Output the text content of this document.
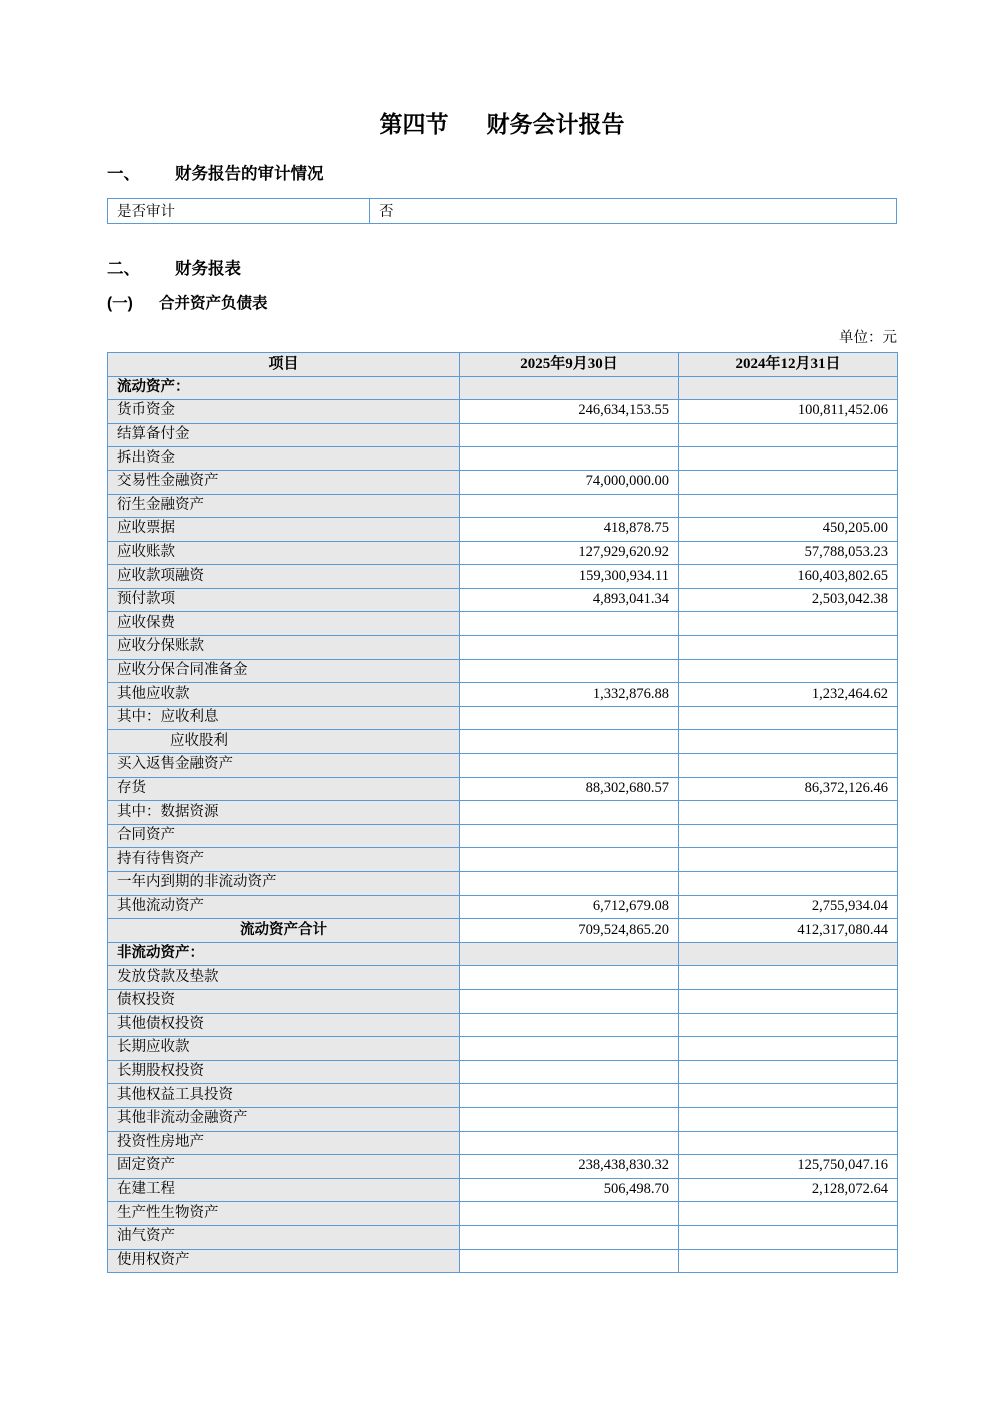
第四节 财务会计报告
一、	财务报告的审计情况
是否审计	否
二、	财务报表
(一)	合并资产负债表
单位：元
项目	2025年9月30日	2024年12月31日
流动资产：		
货币资金	246,634,153.55	100,811,452.06
结算备付金		
拆出资金		
交易性金融资产	74,000,000.00	
衍生金融资产		
应收票据	418,878.75	450,205.00
应收账款	127,929,620.92	57,788,053.23
应收款项融资	159,300,934.11	160,403,802.65
预付款项	4,893,041.34	2,503,042.38
应收保费		
应收分保账款		
应收分保合同准备金		
其他应收款	1,332,876.88	1,232,464.62
其中：应收利息		
应收股利		
买入返售金融资产		
存货	88,302,680.57	86,372,126.46
其中：数据资源		
合同资产		
持有待售资产		
一年内到期的非流动资产		
其他流动资产	6,712,679.08	2,755,934.04
流动资产合计	709,524,865.20	412,317,080.44
非流动资产：		
发放贷款及垫款		
债权投资		
其他债权投资		
长期应收款		
长期股权投资		
其他权益工具投资		
其他非流动金融资产		
投资性房地产		
固定资产	238,438,830.32	125,750,047.16
在建工程	506,498.70	2,128,072.64
生产性生物资产		
油气资产		
使用权资产		
